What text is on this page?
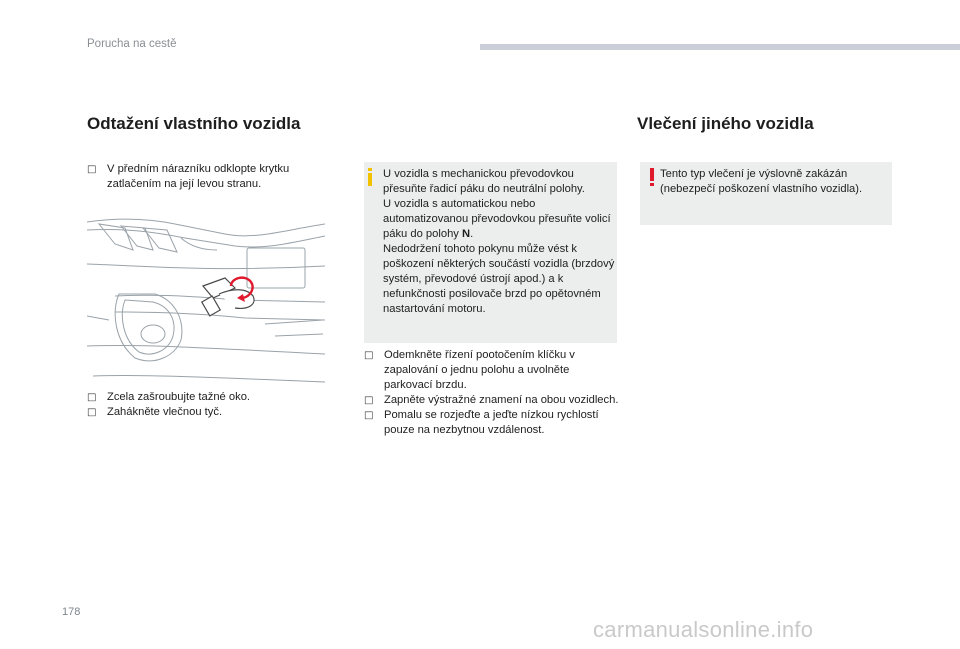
Porucha na cestě
Odtažení vlastního vozidla
□ V předním nárazníku odklopte krytku zatlačením na její levou stranu.
□ Zcela zašroubujte tažné oko.
□ Zahákněte vlečnou tyč.
U vozidla s mechanickou převodovkou přesuňte řadicí páku do neutrální polohy.
U vozidla s automatickou nebo automatizovanou převodovkou přesuňte volicí páku do polohy N.
Nedodržení tohoto pokynu může vést k poškození některých součástí vozidla (brzdový systém, převodové ústrojí apod.) a k nefunkčnosti posilovače brzd po opětovném nastartování motoru.
□ Odemkněte řízení pootočením klíčku v zapalování o jednu polohu a uvolněte parkovací brzdu.
□ Zapněte výstražné znamení na obou vozidlech.
□ Pomalu se rozjeďte a jeďte nízkou rychlostí pouze na nezbytnou vzdálenost.
Vlečení jiného vozidla
Tento typ vlečení je výslovně zakázán (nebezpečí poškození vlastního vozidla).
178
carmanualsonline.info
